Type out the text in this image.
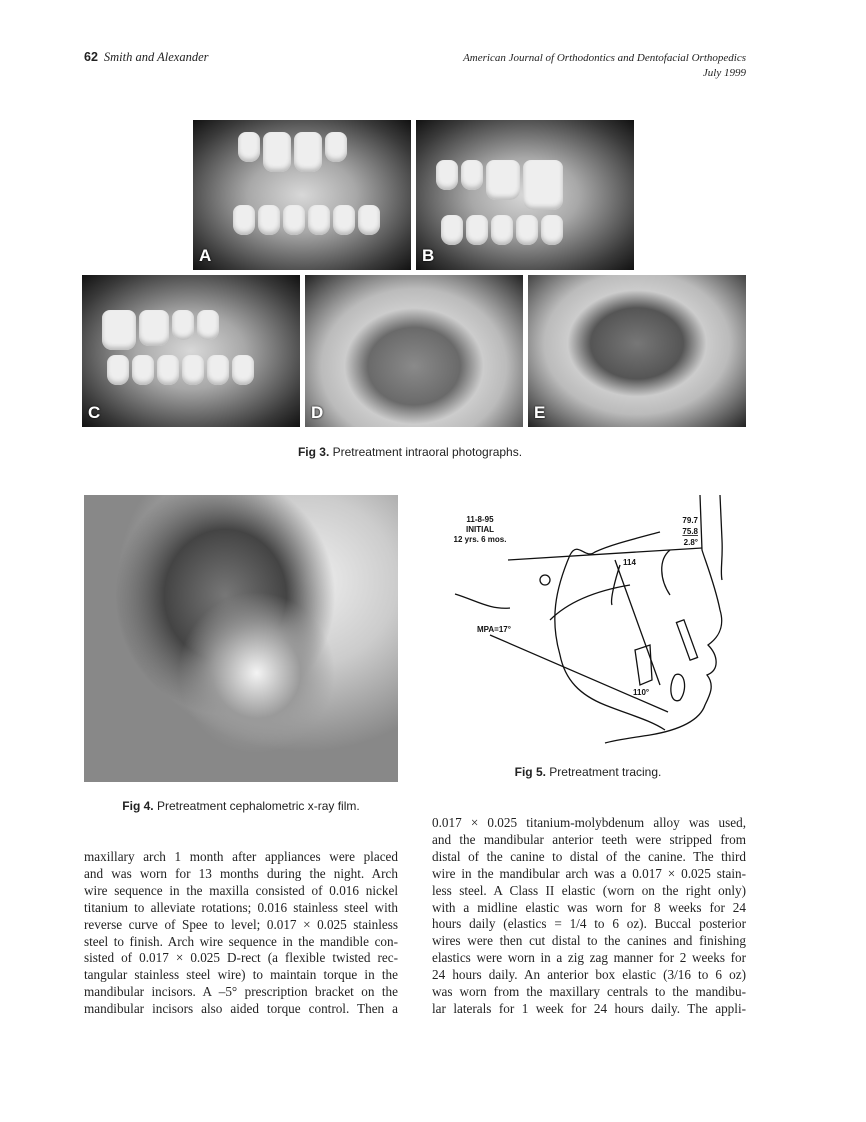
62 Smith and Alexander	American Journal of Orthodontics and Dentofacial Orthopedics
July 1999
A	B
C	D	E
Fig 3. Pretreatment intraoral photographs.
Fig 4. Pretreatment cephalometric x-ray film.
11-8-95
INITIAL
12 yrs. 6 mos.
79.7
75.8
2.8°
114
MPA=17°
110°
Fig 5. Pretreatment tracing.

maxillary arch 1 month after appliances were placed

and was worn for 13 months during the night. Arch

wire sequence in the maxilla consisted of 0.016 nickel

titanium to alleviate rotations; 0.016 stainless steel with

reverse curve of Spee to level; 0.017 × 0.025 stainless

steel to finish. Arch wire sequence in the mandible con-

sisted of 0.017 × 0.025 D-rect (a flexible twisted rec-

tangular stainless steel wire) to maintain torque in the

mandibular incisors. A –5° prescription bracket on the

mandibular incisors also aided torque control. Then a

0.017 × 0.025 titanium-molybdenum alloy was used,

and the mandibular anterior teeth were stripped from

distal of the canine to distal of the canine. The third

wire in the mandibular arch was a 0.017 × 0.025 stain-

less steel. A Class II elastic (worn on the right only)

with a midline elastic was worn for 8 weeks for 24

hours daily (elastics = 1/4 to 6 oz). Buccal posterior

wires were then cut distal to the canines and finishing

elastics were worn in a zig zag manner for 2 weeks for

24 hours daily. An anterior box elastic (3/16 to 6 oz)

was worn from the maxillary centrals to the mandibu-

lar laterals for 1 week for 24 hours daily. The appli-
